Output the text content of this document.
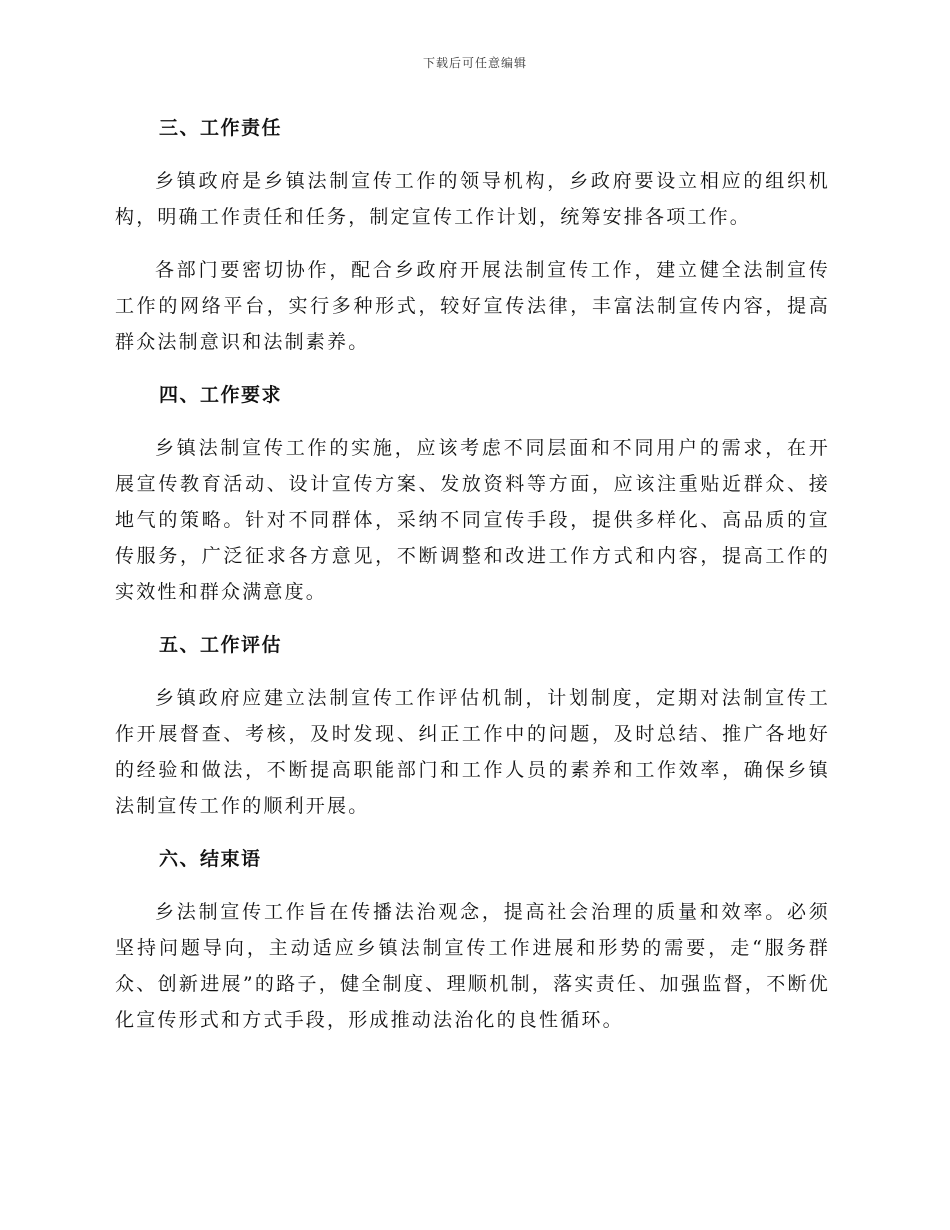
下载后可任意编辑
三、工作责任

乡镇政府是乡镇法制宣传工作的领导机构，乡政府要设立相应的组织机构，明确工作责任和任务，制定宣传工作计划，统筹安排各项工作。

各部门要密切协作，配合乡政府开展法制宣传工作，建立健全法制宣传工作的网络平台，实行多种形式，较好宣传法律，丰富法制宣传内容，提高群众法制意识和法制素养。

四、工作要求

乡镇法制宣传工作的实施，应该考虑不同层面和不同用户的需求，在开展宣传教育活动、设计宣传方案、发放资料等方面，应该注重贴近群众、接地气的策略。针对不同群体，采纳不同宣传手段，提供多样化、高品质的宣传服务，广泛征求各方意见，不断调整和改进工作方式和内容，提高工作的实效性和群众满意度。

五、工作评估

乡镇政府应建立法制宣传工作评估机制，计划制度，定期对法制宣传工作开展督查、考核，及时发现、纠正工作中的问题，及时总结、推广各地好的经验和做法，不断提高职能部门和工作人员的素养和工作效率，确保乡镇法制宣传工作的顺利开展。

六、结束语

乡法制宣传工作旨在传播法治观念，提高社会治理的质量和效率。必须坚持问题导向，主动适应乡镇法制宣传工作进展和形势的需要，走“服务群众、创新进展”的路子，健全制度、理顺机制，落实责任、加强监督，不断优化宣传形式和方式手段，形成推动法治化的良性循环。
